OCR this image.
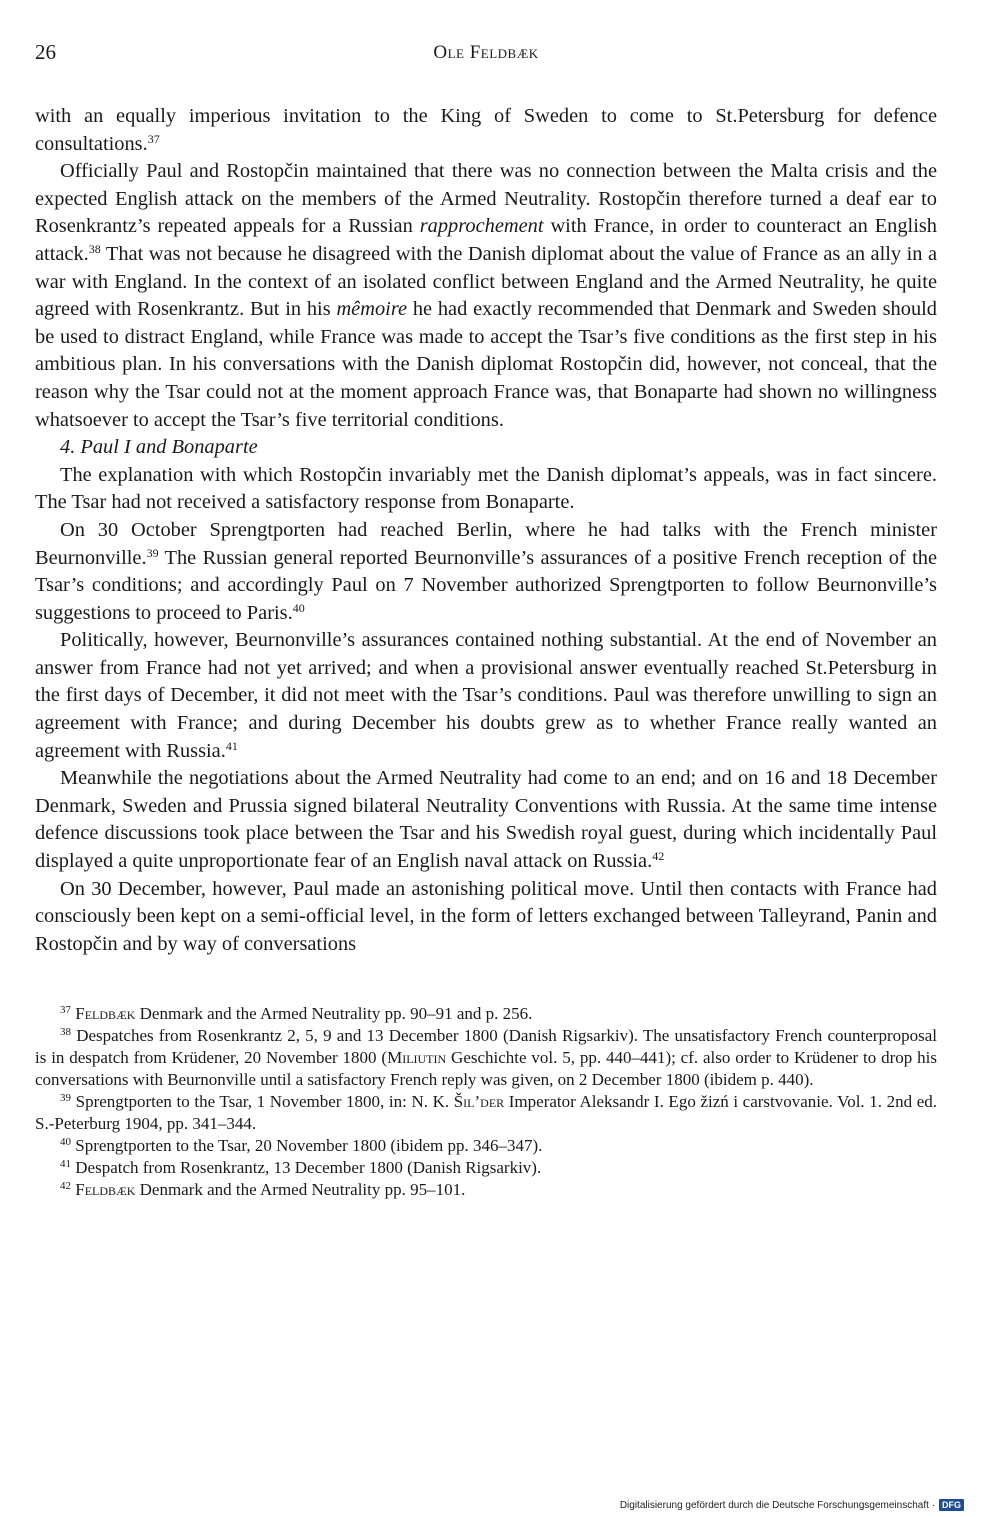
26	Ole Feldbæk

with an equally imperious invitation to the King of Sweden to come to St.Petersburg for defence consultations.$^{37}$

Officially Paul and Rostopčin maintained that there was no connection between the Malta crisis and the expected English attack on the members of the Armed Neutrality. Rostopčin therefore turned a deaf ear to Rosenkrantz’s repeated appeals for a Russian rapprochement with France, in order to counteract an English attack.$^{38}$ That was not because he disagreed with the Danish diplomat about the value of France as an ally in a war with England. In the context of an isolated conflict between England and the Armed Neutrality, he quite agreed with Rosenkrantz. But in his mêmoire he had exactly recommended that Denmark and Sweden should be used to distract England, while France was made to accept the Tsar’s five conditions as the first step in his ambitious plan. In his conversations with the Danish diplomat Rostopčin did, however, not conceal, that the reason why the Tsar could not at the moment approach France was, that Bonaparte had shown no willingness whatsoever to accept the Tsar’s five territorial conditions.

4. Paul I and Bonaparte

The explanation with which Rostopčin invariably met the Danish diplomat’s appeals, was in fact sincere. The Tsar had not received a satisfactory response from Bonaparte.

On 30 October Sprengtporten had reached Berlin, where he had talks with the French minister Beurnonville.$^{39}$ The Russian general reported Beurnonville’s assurances of a positive French reception of the Tsar’s conditions; and accordingly Paul on 7 November authorized Sprengtporten to follow Beurnonville’s suggestions to proceed to Paris.$^{40}$

Politically, however, Beurnonville’s assurances contained nothing substantial. At the end of November an answer from France had not yet arrived; and when a provisional answer eventually reached St.Petersburg in the first days of December, it did not meet with the Tsar’s conditions. Paul was therefore unwilling to sign an agreement with France; and during December his doubts grew as to whether France really wanted an agreement with Russia.$^{41}$

Meanwhile the negotiations about the Armed Neutrality had come to an end; and on 16 and 18 December Denmark, Sweden and Prussia signed bilateral Neutrality Conventions with Russia. At the same time intense defence discussions took place between the Tsar and his Swedish royal guest, during which incidentally Paul displayed a quite unproportionate fear of an English naval attack on Russia.$^{42}$

On 30 December, however, Paul made an astonishing political move. Until then contacts with France had consciously been kept on a semi-official level, in the form of letters exchanged between Talleyrand, Panin and Rostopčin and by way of conversations

$^{37}$ Feldbæk Denmark and the Armed Neutrality pp. 90–91 and p. 256.

$^{38}$ Despatches from Rosenkrantz 2, 5, 9 and 13 December 1800 (Danish Rigsarkiv). The unsatisfactory French counterproposal is in despatch from Krüdener, 20 November 1800 (Miliutin Geschichte vol. 5, pp. 440–441); cf. also order to Krüdener to drop his conversations with Beurnonville until a satisfactory French reply was given, on 2 December 1800 (ibidem p. 440).

$^{39}$ Sprengtporten to the Tsar, 1 November 1800, in: N. K. Šil’der Imperator Aleksandr I. Ego žizń i carstvovanie. Vol. 1. 2nd ed. S.-Peterburg 1904, pp. 341–344.

$^{40}$ Sprengtporten to the Tsar, 20 November 1800 (ibidem pp. 346–347).

$^{41}$ Despatch from Rosenkrantz, 13 December 1800 (Danish Rigsarkiv).

$^{42}$ Feldbæk Denmark and the Armed Neutrality pp. 95–101.

Digitalisierung gefördert durch die Deutsche Forschungsgemeinschaft · DFG
